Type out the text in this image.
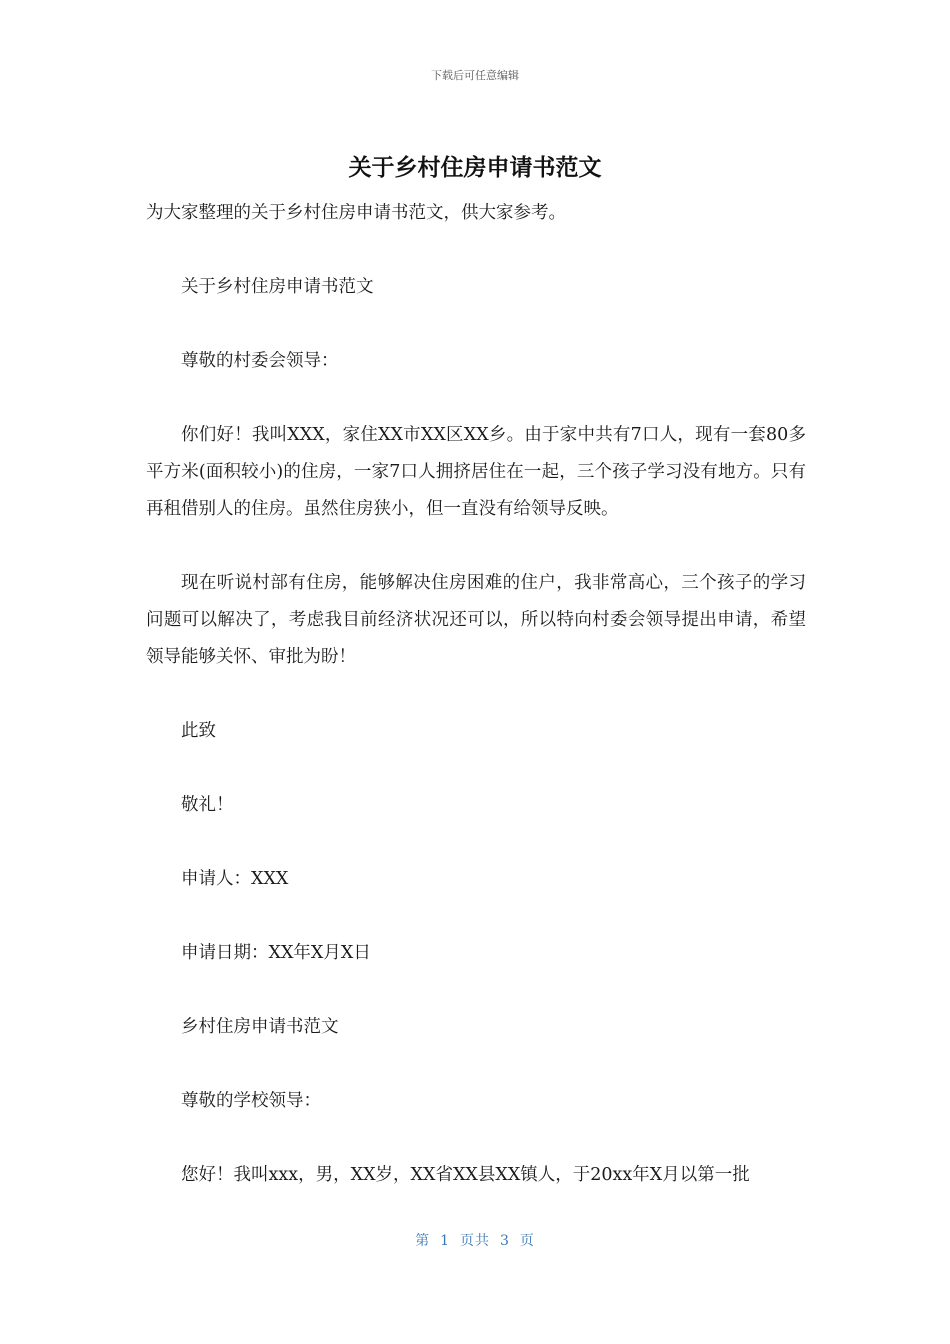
下载后可任意编辑
关于乡村住房申请书范文

为大家整理的关于乡村住房申请书范文，供大家参考。

关于乡村住房申请书范文

尊敬的村委会领导：

你们好！我叫XXX，家住XX市XX区XX乡。由于家中共有7口人，现有一套80多平方米(面积较小)的住房，一家7口人拥挤居住在一起，三个孩子学习没有地方。只有再租借别人的住房。虽然住房狭小，但一直没有给领导反映。

现在听说村部有住房，能够解决住房困难的住户，我非常高心，三个孩子的学习问题可以解决了，考虑我目前经济状况还可以，所以特向村委会领导提出申请，希望领导能够关怀、审批为盼！

此致

敬礼！

申请人：XXX

申请日期：XX年X月X日

乡村住房申请书范文

尊敬的学校领导：

您好！我叫xxx，男，XX岁，XX省XX县XX镇人，于20xx年X月以第一批

第 1 页共 3 页
